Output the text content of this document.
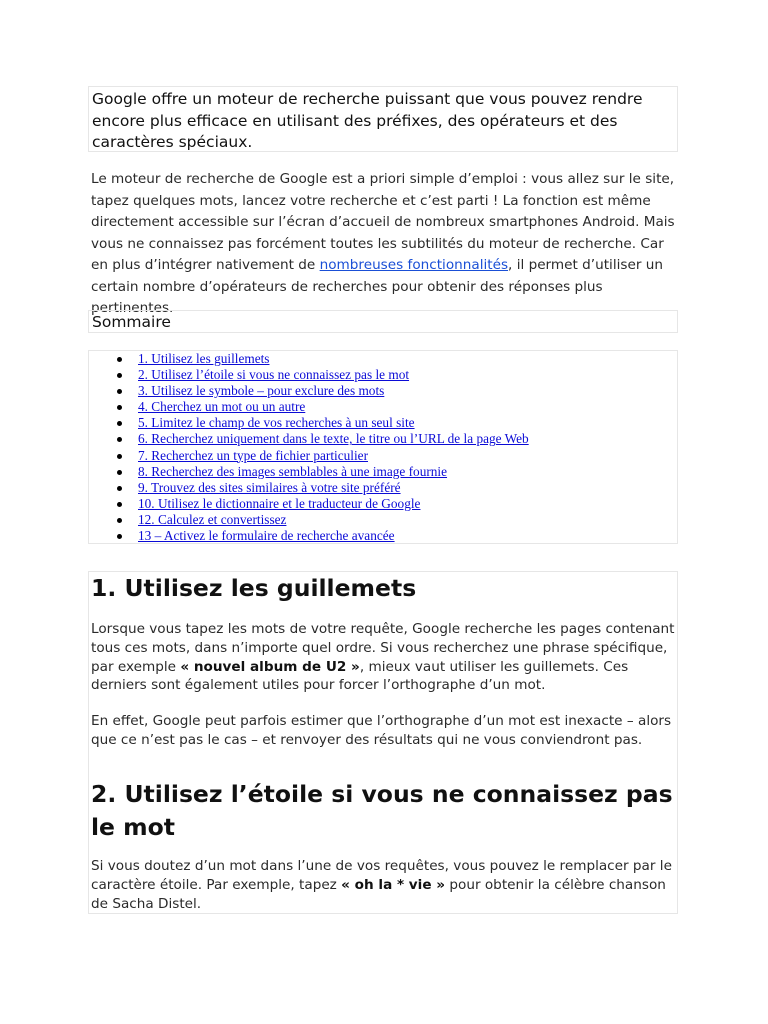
Google offre un moteur de recherche puissant que vous pouvez rendre encore plus efficace en utilisant des préfixes, des opérateurs et des caractères spéciaux.
Le moteur de recherche de Google est a priori simple d’emploi : vous allez sur le site, tapez quelques mots, lancez votre recherche et c’est parti ! La fonction est même directement accessible sur l’écran d’accueil de nombreux smartphones Android. Mais vous ne connaissez pas forcément toutes les subtilités du moteur de recherche. Car en plus d’intégrer nativement de nombreuses fonctionnalités, il permet d’utiliser un certain nombre d’opérateurs de recherches pour obtenir des réponses plus pertinentes.
Sommaire
1. Utilisez les guillemets
2. Utilisez l’étoile si vous ne connaissez pas le mot
3. Utilisez le symbole – pour exclure des mots
4. Cherchez un mot ou un autre
5. Limitez le champ de vos recherches à un seul site
6. Recherchez uniquement dans le texte, le titre ou l’URL de la page Web
7. Recherchez un type de fichier particulier
8. Recherchez des images semblables à une image fournie
9. Trouvez des sites similaires à votre site préféré
10. Utilisez le dictionnaire et le traducteur de Google
12. Calculez et convertissez
13 – Activez le formulaire de recherche avancée
1. Utilisez les guillemets
Lorsque vous tapez les mots de votre requête, Google recherche les pages contenant tous ces mots, dans n’importe quel ordre. Si vous recherchez une phrase spécifique, par exemple « nouvel album de U2 », mieux vaut utiliser les guillemets. Ces derniers sont également utiles pour forcer l’orthographe d’un mot.
En effet, Google peut parfois estimer que l’orthographe d’un mot est inexacte – alors que ce n’est pas le cas – et renvoyer des résultats qui ne vous conviendront pas.
2. Utilisez l’étoile si vous ne connaissez pas le mot
Si vous doutez d’un mot dans l’une de vos requêtes, vous pouvez le remplacer par le caractère étoile. Par exemple, tapez « oh la * vie » pour obtenir la célèbre chanson de Sacha Distel.
